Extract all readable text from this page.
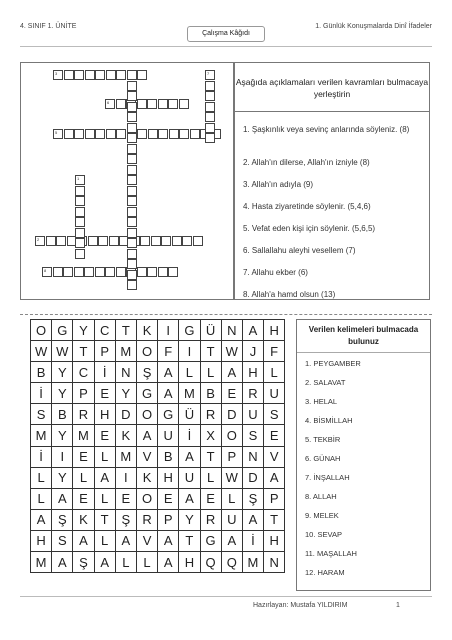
4. SINIF 1. ÜNİTE
Çalışma Kâğıdı
1. Günlük Konuşmalarda Dinî İfadeler
3
6
5
2
8
7
1
Aşağıda açıklamaları verilen kavramları bulmacaya yerleştirin
1. Şaşkınlık veya sevinç anlarında söyleniz. (8)
2. Allah'ın dilerse, Allah'ın izniyle (8)
3. Allah'ın adıyla (9)
4. Hasta ziyaretinde söylenir. (5,4,6)
5. Vefat eden kişi için söylenir. (5,6,5)
6. Sallallahu aleyhi vesellem (7)
7. Allahu ekber (6)
8. Allah'a hamd olsun (13)
O	G	Y	C	T	K	I	G	Ü	N	A	H
W	W	T	P	M	O	F	I	T	W	J	F
B	Y	C	İ	N	Ş	A	L	L	A	H	L
İ	Y	P	E	Y	G	A	M	B	E	R	U
S	B	R	H	D	O	G	Ü	R	D	U	S
M	Y	M	E	K	A	U	İ	X	O	S	E
İ	I	E	L	M	V	B	A	T	P	N	V
L	Y	L	A	I	K	H	U	L	W	D	A
L	A	E	L	E	O	E	A	E	L	Ş	P
A	Ş	K	T	Ş	R	P	Y	R	U	A	T
H	S	A	L	A	V	A	T	G	A	İ	H
M	A	Ş	A	L	L	A	H	Q	Q	M	N
Verilen kelimeleri bulmacada bulunuz
1. PEYGAMBER
2. SALAVAT
3. HELAL
4. BİSMİLLAH
5. TEKBİR
6. GÜNAH
7. İNŞALLAH
8. ALLAH
9. MELEK
10. SEVAP
11. MAŞALLAH
12. HARAM
Hazırlayan: Mustafa YILDIRIM	1
